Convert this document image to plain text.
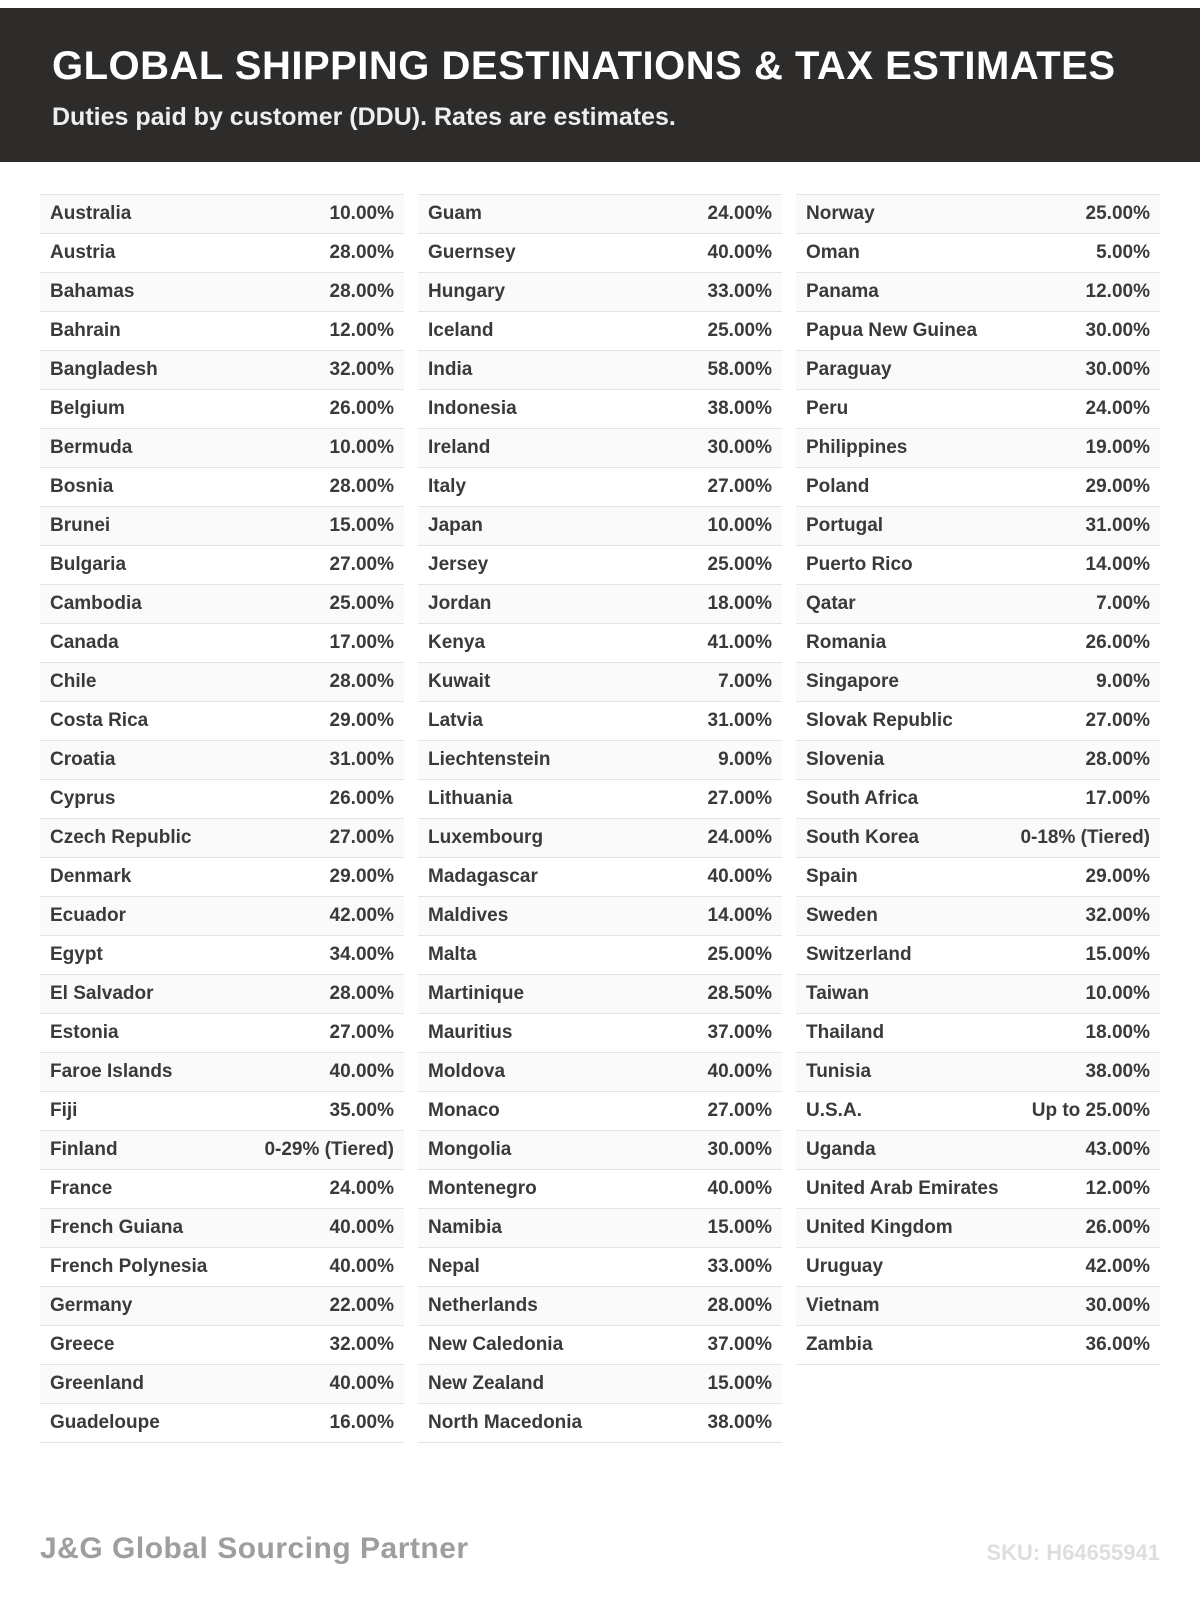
GLOBAL SHIPPING DESTINATIONS & TAX ESTIMATES
Duties paid by customer (DDU). Rates are estimates.
Australia	10.00%
Austria	28.00%
Bahamas	28.00%
Bahrain	12.00%
Bangladesh	32.00%
Belgium	26.00%
Bermuda	10.00%
Bosnia	28.00%
Brunei	15.00%
Bulgaria	27.00%
Cambodia	25.00%
Canada	17.00%
Chile	28.00%
Costa Rica	29.00%
Croatia	31.00%
Cyprus	26.00%
Czech Republic	27.00%
Denmark	29.00%
Ecuador	42.00%
Egypt	34.00%
El Salvador	28.00%
Estonia	27.00%
Faroe Islands	40.00%
Fiji	35.00%
Finland	0-29% (Tiered)
France	24.00%
French Guiana	40.00%
French Polynesia	40.00%
Germany	22.00%
Greece	32.00%
Greenland	40.00%
Guadeloupe	16.00%
Guam	24.00%
Guernsey	40.00%
Hungary	33.00%
Iceland	25.00%
India	58.00%
Indonesia	38.00%
Ireland	30.00%
Italy	27.00%
Japan	10.00%
Jersey	25.00%
Jordan	18.00%
Kenya	41.00%
Kuwait	7.00%
Latvia	31.00%
Liechtenstein	9.00%
Lithuania	27.00%
Luxembourg	24.00%
Madagascar	40.00%
Maldives	14.00%
Malta	25.00%
Martinique	28.50%
Mauritius	37.00%
Moldova	40.00%
Monaco	27.00%
Mongolia	30.00%
Montenegro	40.00%
Namibia	15.00%
Nepal	33.00%
Netherlands	28.00%
New Caledonia	37.00%
New Zealand	15.00%
North Macedonia	38.00%
Norway	25.00%
Oman	5.00%
Panama	12.00%
Papua New Guinea	30.00%
Paraguay	30.00%
Peru	24.00%
Philippines	19.00%
Poland	29.00%
Portugal	31.00%
Puerto Rico	14.00%
Qatar	7.00%
Romania	26.00%
Singapore	9.00%
Slovak Republic	27.00%
Slovenia	28.00%
South Africa	17.00%
South Korea	0-18% (Tiered)
Spain	29.00%
Sweden	32.00%
Switzerland	15.00%
Taiwan	10.00%
Thailand	18.00%
Tunisia	38.00%
U.S.A.	Up to 25.00%
Uganda	43.00%
United Arab Emirates	12.00%
United Kingdom	26.00%
Uruguay	42.00%
Vietnam	30.00%
Zambia	36.00%
J&G Global Sourcing Partner	SKU: H64655941
